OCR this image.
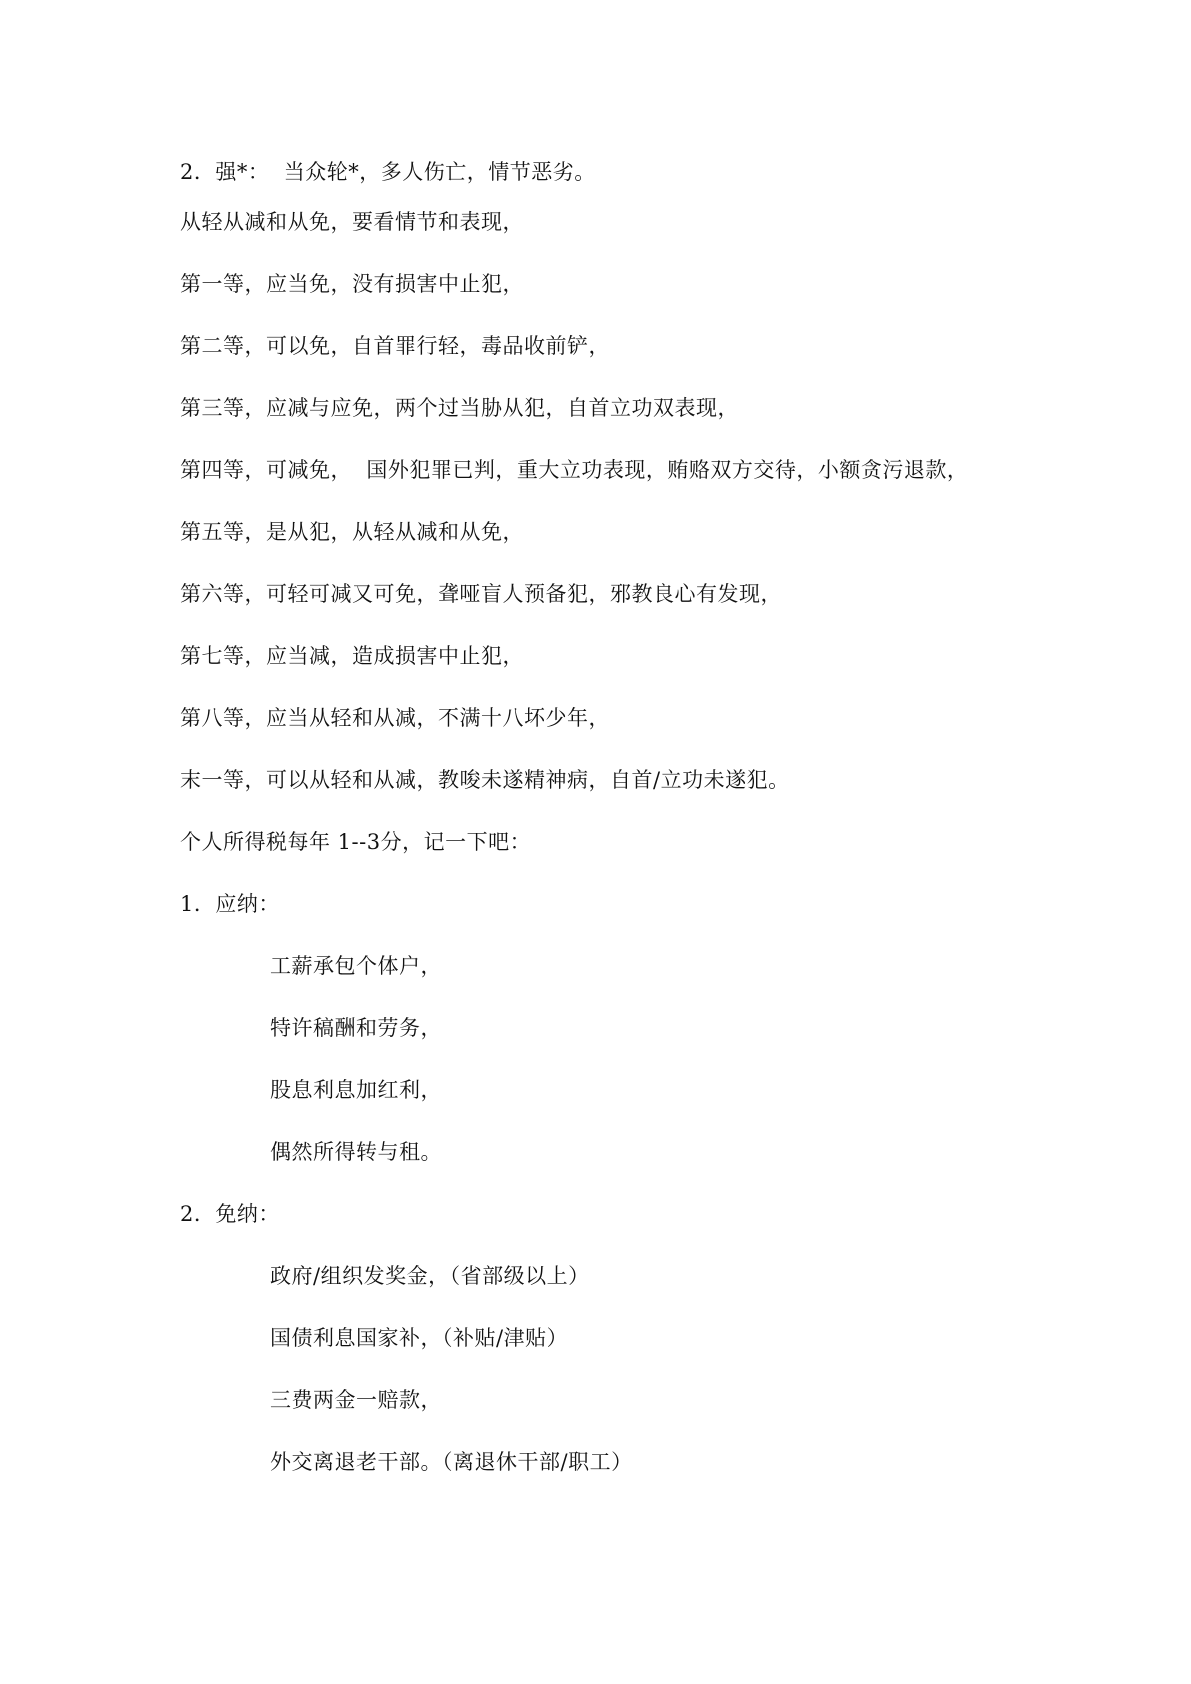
2．强*：  当众轮*，多人伤亡，情节恶劣。
从轻从减和从免，要看情节和表现，
第一等，应当免，没有损害中止犯，
第二等，可以免，自首罪行轻，毒品收前铲，
第三等，应减与应免，两个过当胁从犯，自首立功双表现，
第四等，可减免，  国外犯罪已判，重大立功表现，贿赂双方交待，小额贪污退款，
第五等，是从犯，从轻从减和从免，
第六等，可轻可减又可免，聋哑盲人预备犯，邪教良心有发现，
第七等，应当减，造成损害中止犯，
第八等，应当从轻和从减，不满十八坏少年，
末一等，可以从轻和从减，教唆未遂精神病，自首/立功未遂犯。
个人所得税每年 1--3分，记一下吧：
1．应纳：
工薪承包个体户，
特许稿酬和劳务，
股息利息加红利，
偶然所得转与租。
2．免纳：
政府/组织发奖金，（省部级以上）
国债利息国家补，（补贴/津贴）
三费两金一赔款，
外交离退老干部。（离退休干部/职工）
